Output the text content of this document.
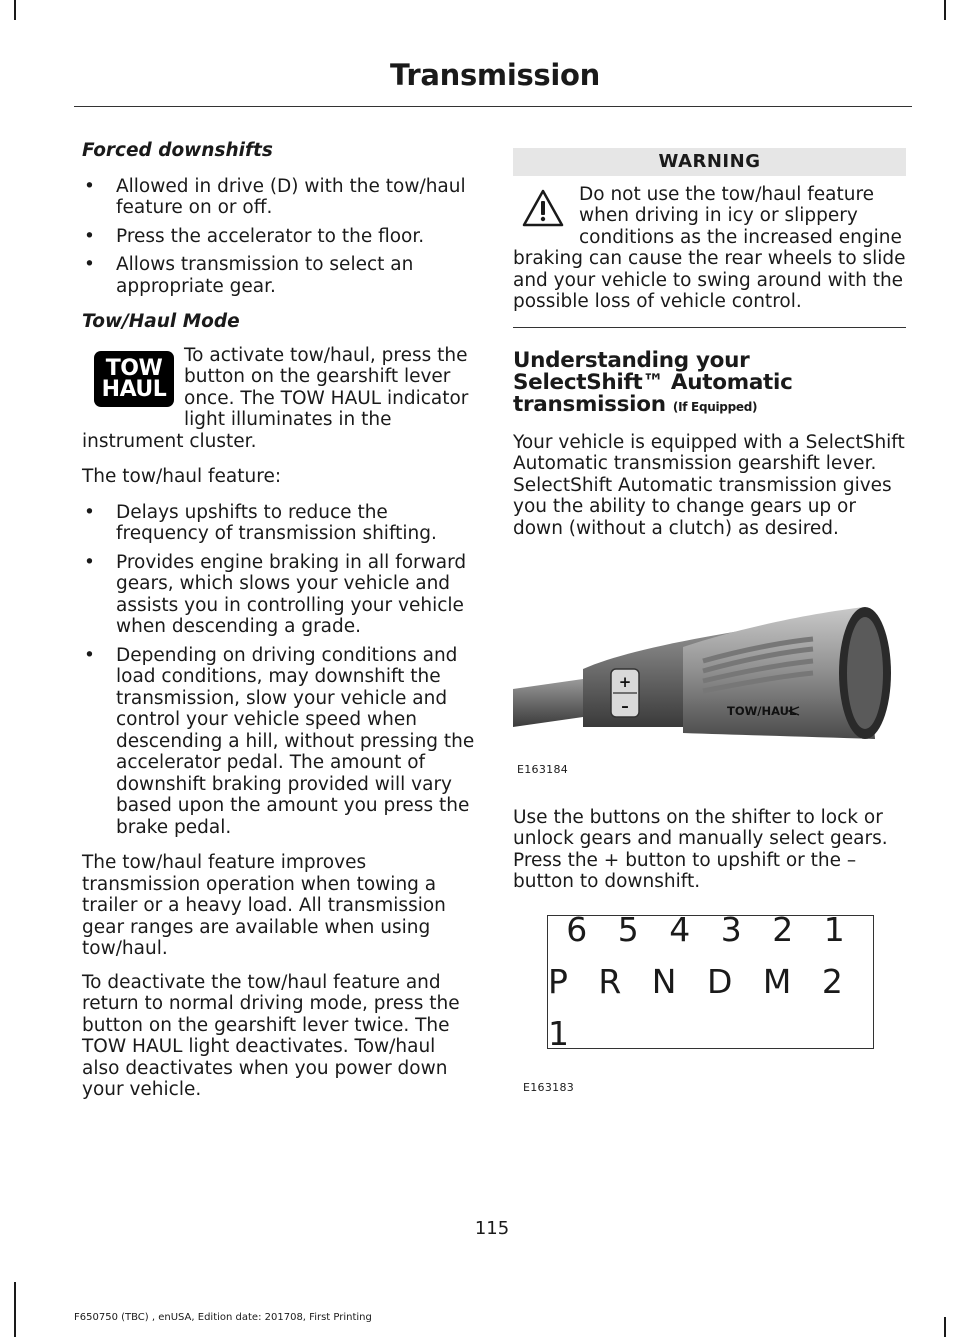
Transmission
Forced downshifts
• Allowed in drive (D) with the tow/haul feature on or off.
• Press the accelerator to the floor.
• Allows transmission to select an appropriate gear.
Tow/Haul Mode

TOW
HAUL
To activate tow/haul, press the button on the gearshift lever once. The TOW HAUL indicator light illuminates in the instrument cluster.

The tow/haul feature:

• Delays upshifts to reduce the frequency of transmission shifting.
• Provides engine braking in all forward gears, which slows your vehicle and assists you in controlling your vehicle when descending a grade.
• Depending on driving conditions and load conditions, may downshift the transmission, slow your vehicle and control your vehicle speed when descending a hill, without pressing the accelerator pedal. The amount of downshift braking provided will vary based upon the amount you press the brake pedal.

The tow/haul feature improves transmission operation when towing a trailer or a heavy load. All transmission gear ranges are available when using tow/haul.

To deactivate the tow/haul feature and return to normal driving mode, press the button on the gearshift lever twice. The TOW HAUL light deactivates. Tow/haul also deactivates when you power down your vehicle.

WARNING
Do not use the tow/haul feature when driving in icy or slippery conditions as the increased engine braking can cause the rear wheels to slide and your vehicle to swing around with the possible loss of vehicle control.
Understanding your SelectShift™ Automatic transmission (If Equipped)

Your vehicle is equipped with a SelectShift Automatic transmission gearshift lever. SelectShift Automatic transmission gives you the ability to change gears up or down (without a clutch) as desired.

+
–	TOW/HAUL
E163184

Use the buttons on the shifter to lock or unlock gears and manually select gears. Press the + button to upshift or the – button to downshift.

6 5 4 3 2 1
P R N D M 2 1
E163183
115
F650750 (TBC) , enUSA, Edition date: 201708, First Printing
